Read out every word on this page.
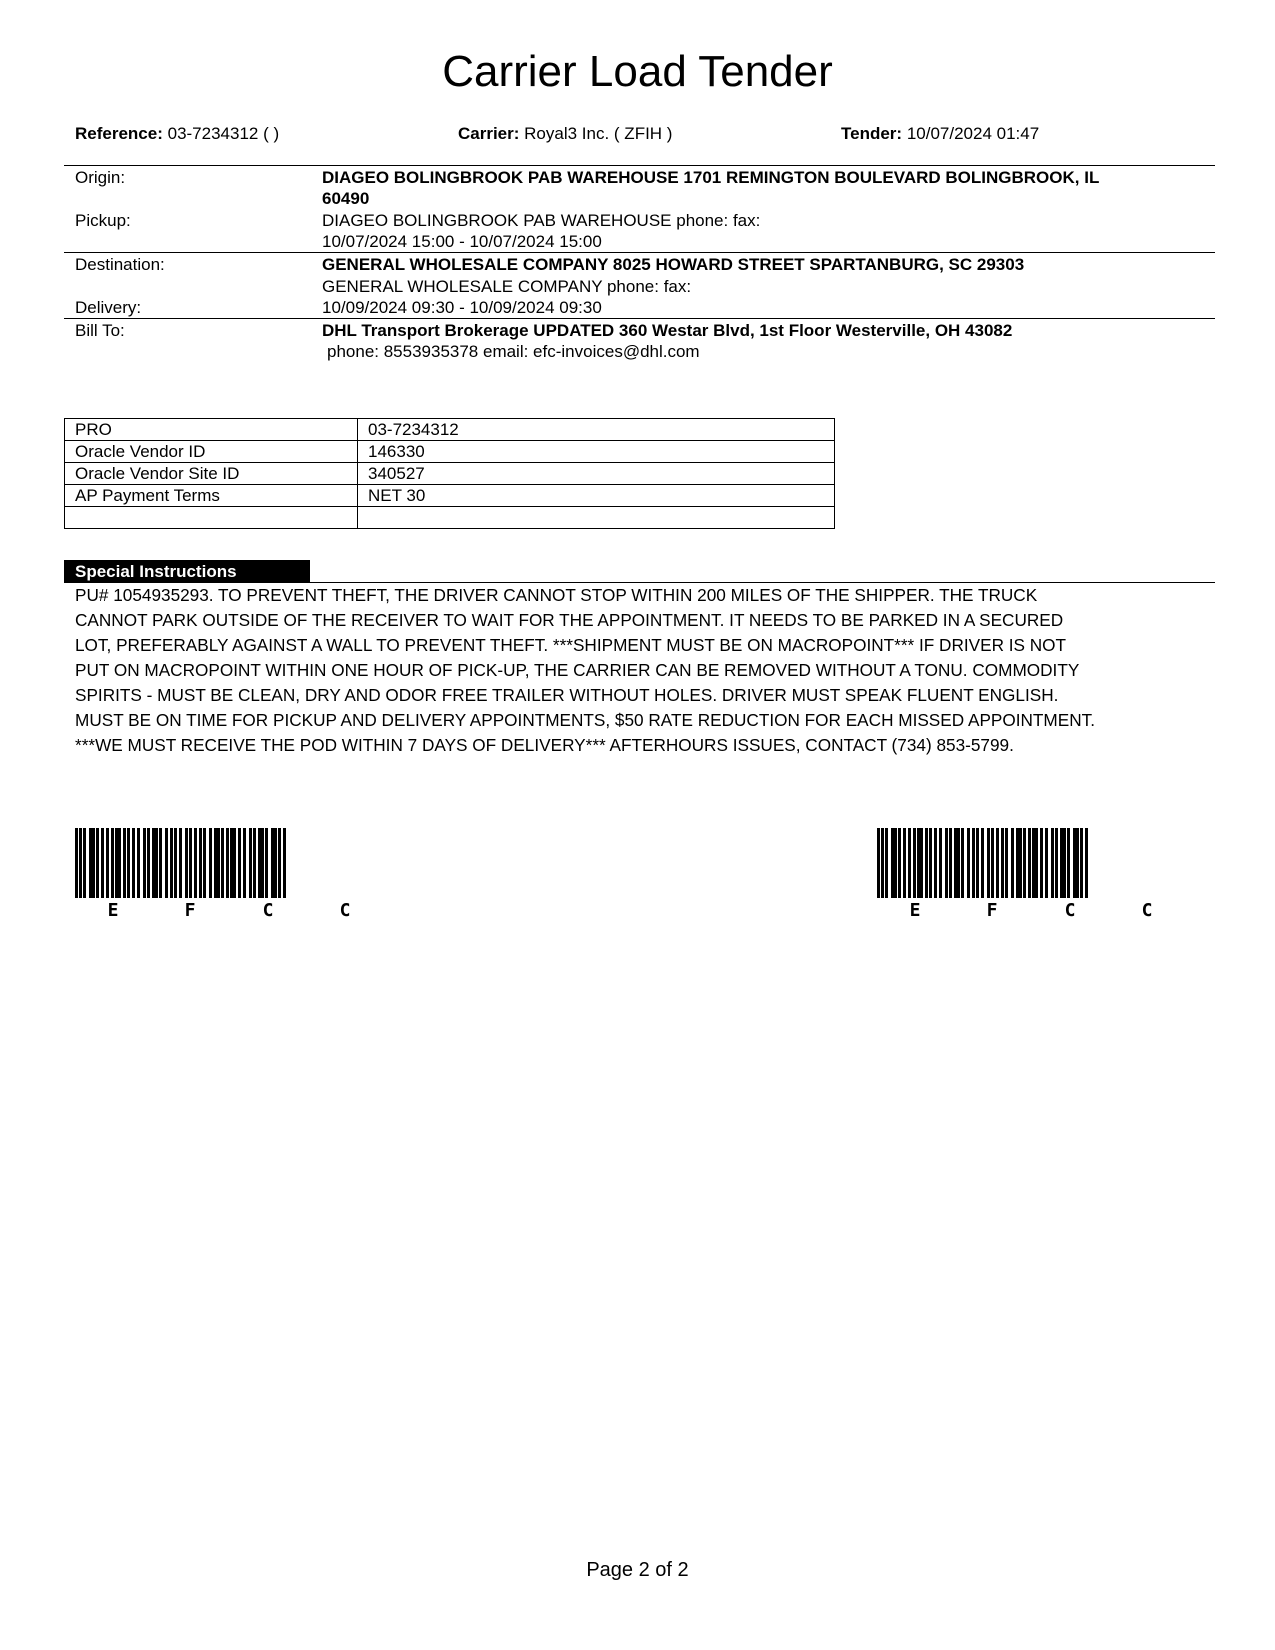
Carrier Load Tender
Reference: 03-7234312 ( )	Carrier: Royal3 Inc. ( ZFIH )	Tender: 10/07/2024 01:47
Origin:	DIAGEO BOLINGBROOK PAB WAREHOUSE 1701 REMINGTON BOULEVARD BOLINGBROOK, IL
60490
Pickup:	DIAGEO BOLINGBROOK PAB WAREHOUSE phone: fax:
10/07/2024 15:00 - 10/07/2024 15:00
Destination:	GENERAL WHOLESALE COMPANY 8025 HOWARD STREET SPARTANBURG, SC 29303
GENERAL WHOLESALE COMPANY phone: fax:
Delivery:	10/09/2024 09:30 - 10/09/2024 09:30
Bill To:	DHL Transport Brokerage UPDATED 360 Westar Blvd, 1st Floor Westerville, OH 43082
phone: 8553935378 email: efc-invoices@dhl.com
PRO	03-7234312
Oracle Vendor ID	146330
Oracle Vendor Site ID	340527
AP Payment Terms	NET 30

Special Instructions
PU# 1054935293. TO PREVENT THEFT, THE DRIVER CANNOT STOP WITHIN 200 MILES OF THE SHIPPER. THE TRUCK
CANNOT PARK OUTSIDE OF THE RECEIVER TO WAIT FOR THE APPOINTMENT. IT NEEDS TO BE PARKED IN A SECURED
LOT, PREFERABLY AGAINST A WALL TO PREVENT THEFT. ***SHIPMENT MUST BE ON MACROPOINT*** IF DRIVER IS NOT
PUT ON MACROPOINT WITHIN ONE HOUR OF PICK-UP, THE CARRIER CAN BE REMOVED WITHOUT A TONU. COMMODITY
SPIRITS - MUST BE CLEAN, DRY AND ODOR FREE TRAILER WITHOUT HOLES. DRIVER MUST SPEAK FLUENT ENGLISH.
MUST BE ON TIME FOR PICKUP AND DELIVERY APPOINTMENTS, $50 RATE REDUCTION FOR EACH MISSED APPOINTMENT.
***WE MUST RECEIVE THE POD WITHIN 7 DAYS OF DELIVERY*** AFTERHOURS ISSUES, CONTACT (734) 853-5799.
E	F	C	C	E	F	C	C
Page 2 of 2
